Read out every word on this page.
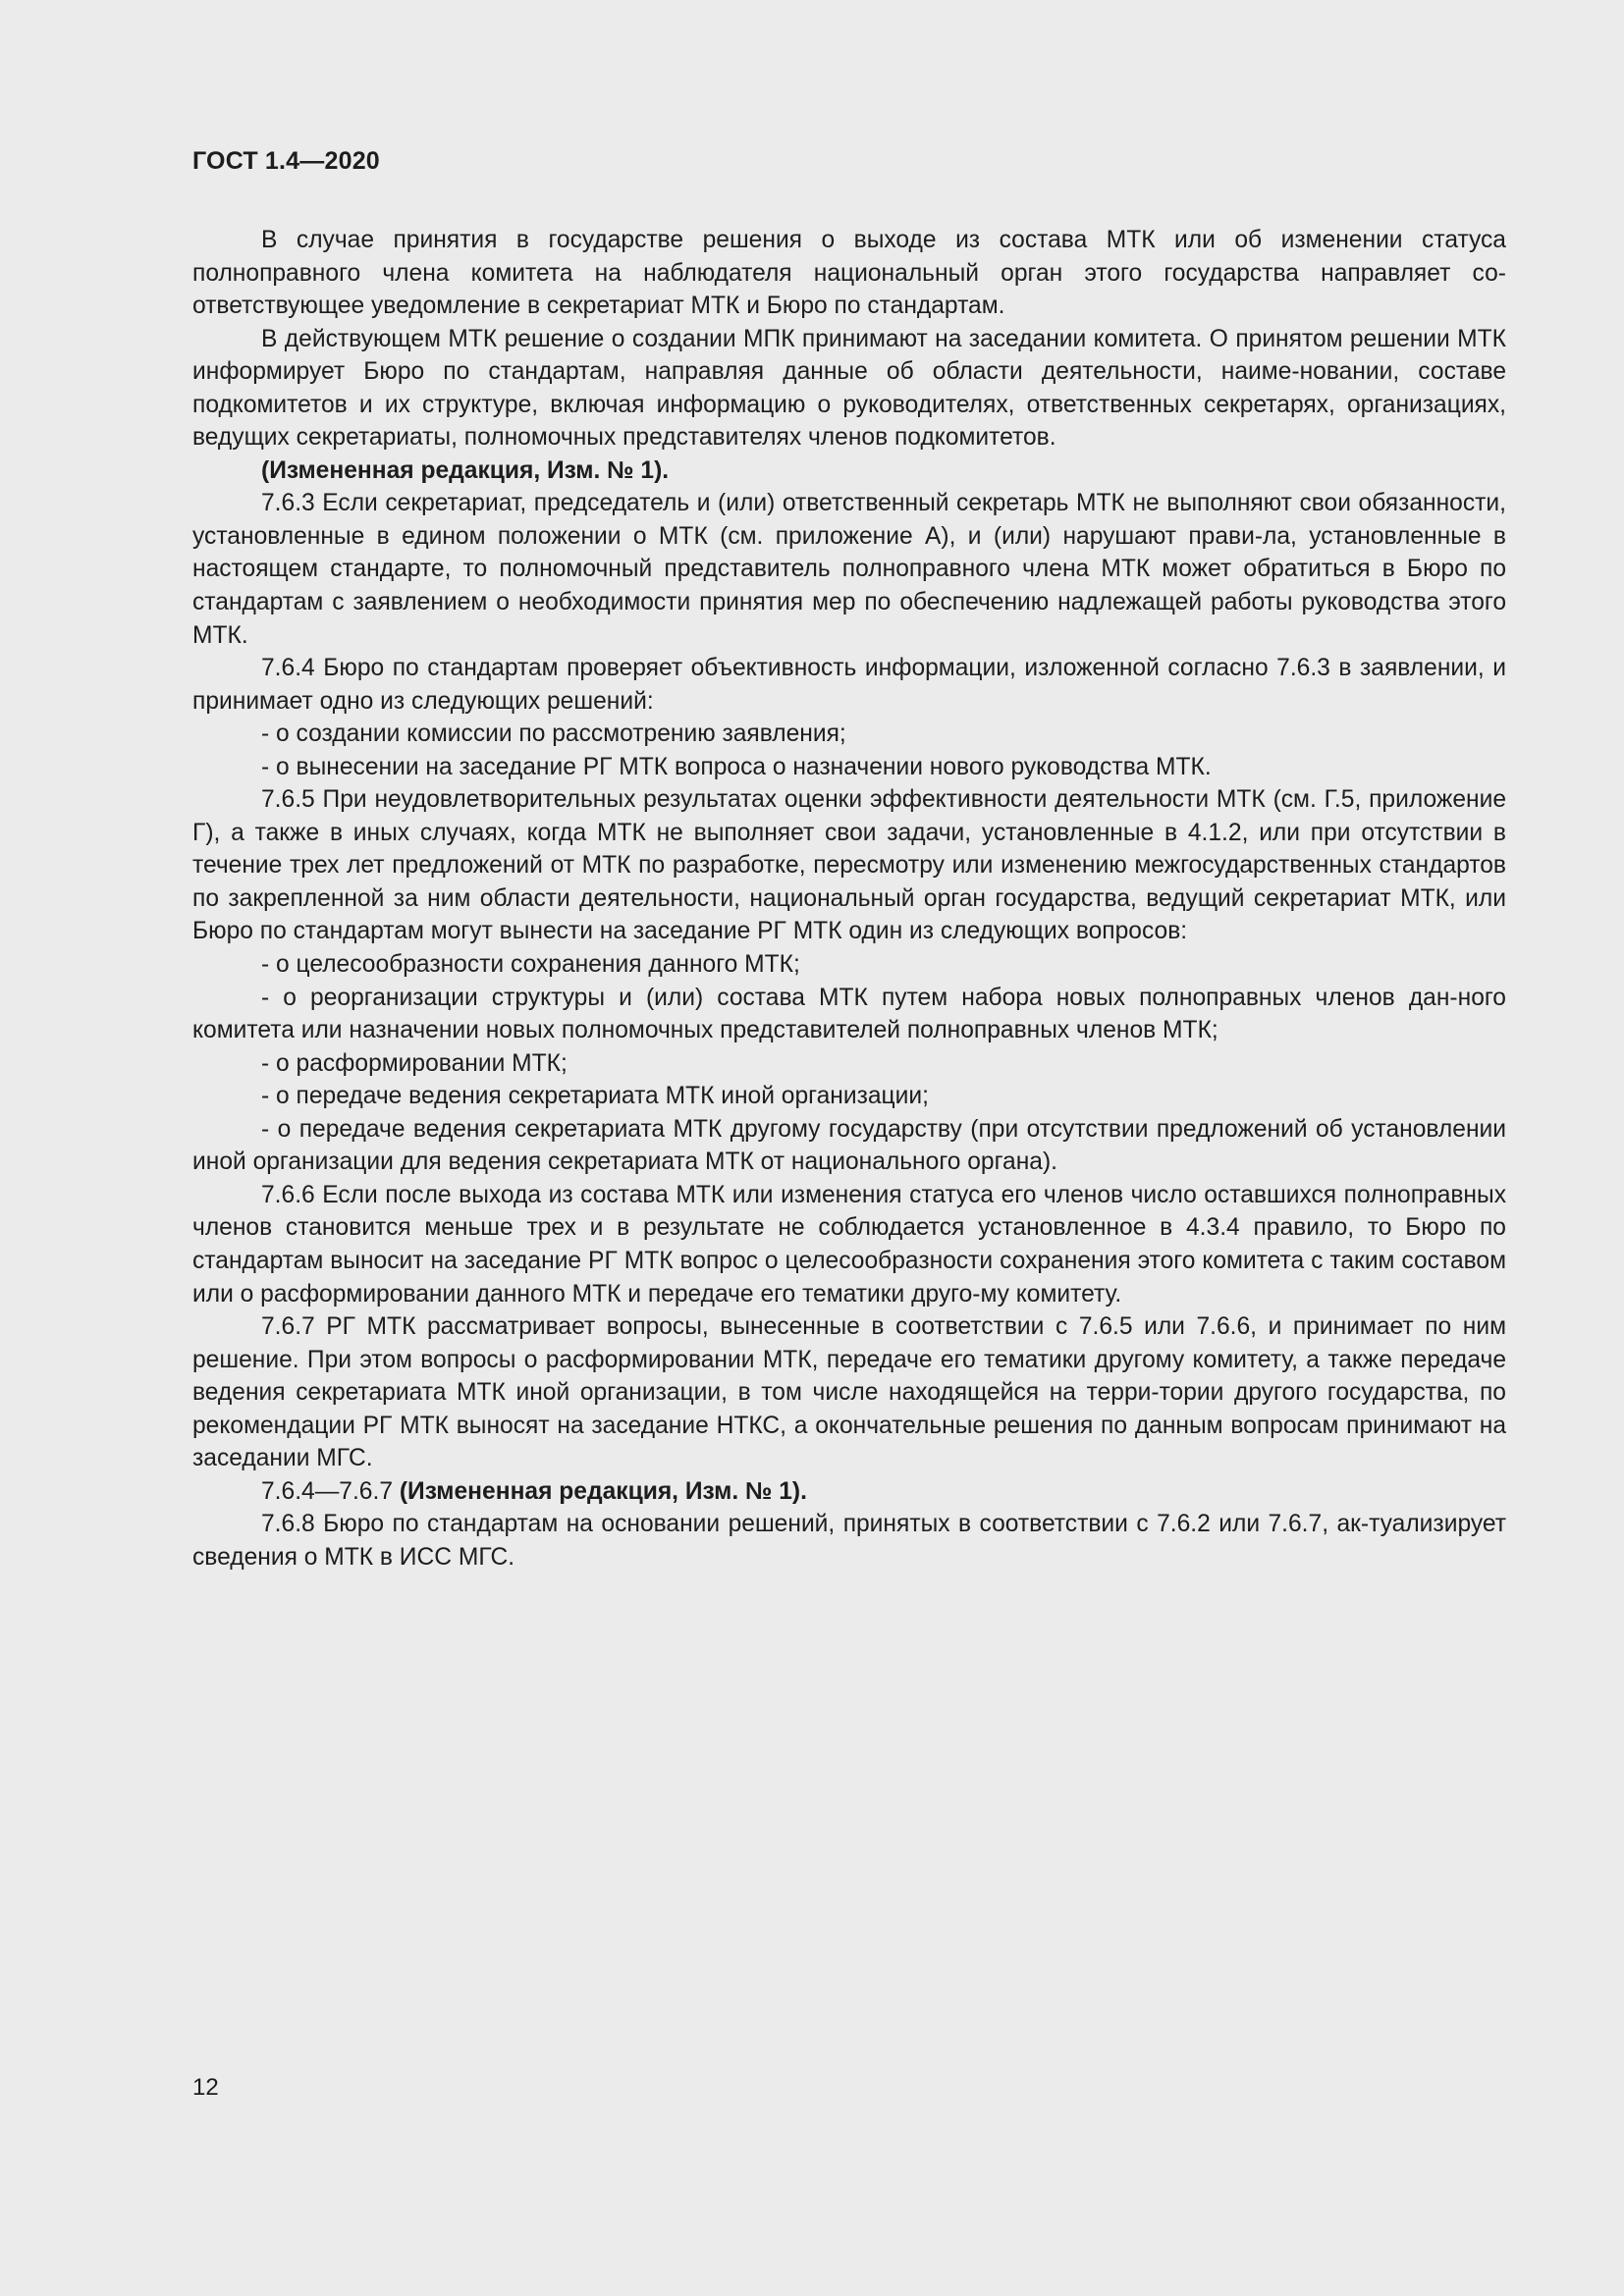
ГОСТ 1.4—2020

В случае принятия в государстве решения о выходе из состава МТК или об изменении статуса полноправного члена комитета на наблюдателя национальный орган этого государства направляет со-ответствующее уведомление в секретариат МТК и Бюро по стандартам.

В действующем МТК решение о создании МПК принимают на заседании комитета. О принятом решении МТК информирует Бюро по стандартам, направляя данные об области деятельности, наиме-новании, составе подкомитетов и их структуре, включая информацию о руководителях, ответственных секретарях, организациях, ведущих секретариаты, полномочных представителях членов подкомитетов.

(Измененная редакция, Изм. № 1).

7.6.3 Если секретариат, председатель и (или) ответственный секретарь МТК не выполняют свои обязанности, установленные в едином положении о МТК (см. приложение А), и (или) нарушают прави-ла, установленные в настоящем стандарте, то полномочный представитель полноправного члена МТК может обратиться в Бюро по стандартам с заявлением о необходимости принятия мер по обеспечению надлежащей работы руководства этого МТК.

7.6.4 Бюро по стандартам проверяет объективность информации, изложенной согласно 7.6.3 в заявлении, и принимает одно из следующих решений:

- о создании комиссии по рассмотрению заявления;

- о вынесении на заседание РГ МТК вопроса о назначении нового руководства МТК.

7.6.5 При неудовлетворительных результатах оценки эффективности деятельности МТК (см. Г.5, приложение Г), а также в иных случаях, когда МТК не выполняет свои задачи, установленные в 4.1.2, или при отсутствии в течение трех лет предложений от МТК по разработке, пересмотру или изменению межгосударственных стандартов по закрепленной за ним области деятельности, национальный орган государства, ведущий секретариат МТК, или Бюро по стандартам могут вынести на заседание РГ МТК один из следующих вопросов:

- о целесообразности сохранения данного МТК;

- о реорганизации структуры и (или) состава МТК путем набора новых полноправных членов дан-ного комитета или назначении новых полномочных представителей полноправных членов МТК;

- о расформировании МТК;

- о передаче ведения секретариата МТК иной организации;

- о передаче ведения секретариата МТК другому государству (при отсутствии предложений об установлении иной организации для ведения секретариата МТК от национального органа).

7.6.6 Если после выхода из состава МТК или изменения статуса его членов число оставшихся полноправных членов становится меньше трех и в результате не соблюдается установленное в 4.3.4 правило, то Бюро по стандартам выносит на заседание РГ МТК вопрос о целесообразности сохранения этого комитета с таким составом или о расформировании данного МТК и передаче его тематики друго-му комитету.

7.6.7 РГ МТК рассматривает вопросы, вынесенные в соответствии с 7.6.5 или 7.6.6, и принимает по ним решение. При этом вопросы о расформировании МТК, передаче его тематики другому комитету, а также передаче ведения секретариата МТК иной организации, в том числе находящейся на терри-тории другого государства, по рекомендации РГ МТК выносят на заседание НТКС, а окончательные решения по данным вопросам принимают на заседании МГС.

7.6.4—7.6.7 (Измененная редакция, Изм. № 1).

7.6.8 Бюро по стандартам на основании решений, принятых в соответствии с 7.6.2 или 7.6.7, ак-туализирует сведения о МТК в ИСС МГС.

12
